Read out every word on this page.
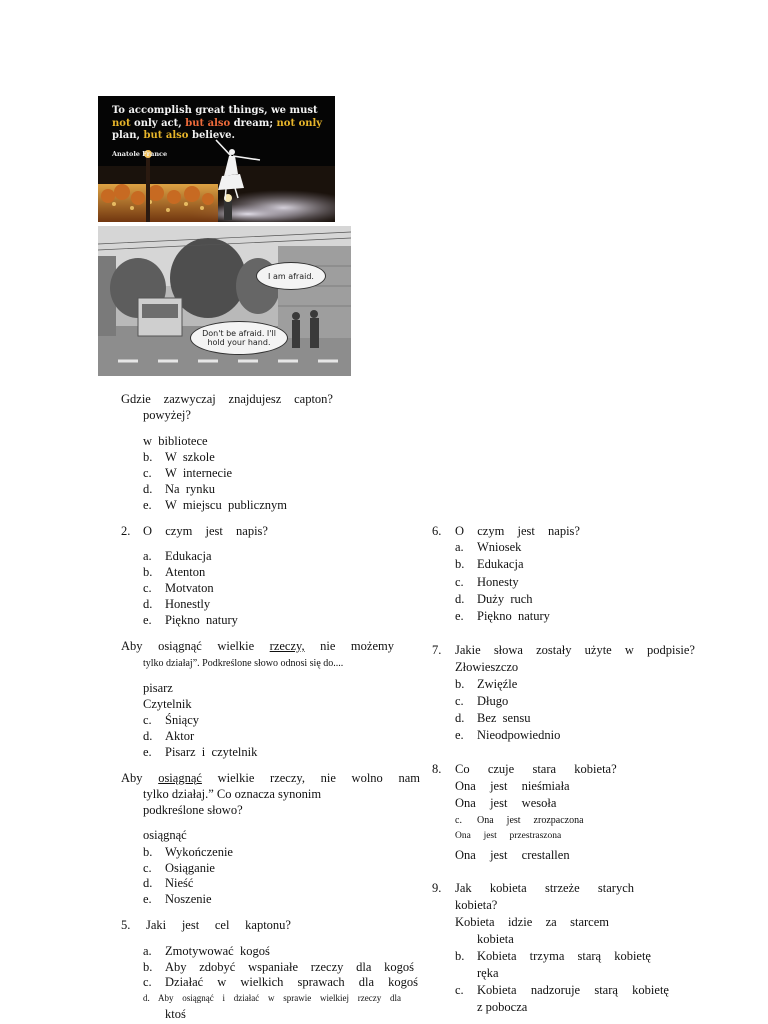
To accomplish great things, we must not only act, but also dream; not only plan, but also believe.
Anatole France
I am afraid.
Don't be afraid. I'll
hold your hand.
Gdzie zazwyczaj znajdujesz capton?
powyżej?
w  bibliotece
b. W  szkole
c. W  internecie
d. Na  rynku
e. W  miejscu  publicznym
2. O czym jest napis?
a. Edukacja
b. Atenton
c. Motvaton
d. Honestly
e. Piękno  natury
Aby osiągnąć wielkie rzeczy, nie możemy
tylko działaj”. Podkreślone słowo odnosi się do....
pisarz
Czytelnik
c. Śniący
d. Aktor
e. Pisarz  i  czytelnik
Aby osiągnąć wielkie rzeczy, nie wolno nam
tylko działaj.” Co oznacza synonim
podkreślone słowo?
osiągnąć
b. Wykończenie
c. Osiąganie
d. Nieść
e. Noszenie
5. Jaki jest cel kaptonu?
a. Zmotywować  kogoś
b. Aby zdobyć wspaniałe rzeczy dla kogoś
c. Działać w wielkich sprawach dla kogoś
d. Aby osiągnąć i działać w sprawie wielkiej rzeczy dla
ktoś
6. O czym jest napis?
a. Wniosek
b. Edukacja
c. Honesty
d. Duży  ruch
e. Piękno  natury
7. Jakie słowa zostały użyte w podpisie?
Złowieszczo
b. Zwięźle
c. Długo
d. Bez  sensu
e. Nieodpowiednio
8. Co  czuje  stara  kobieta?
Ona  jest  nieśmiała
Ona  jest  wesoła
c. Ona  jest  zrozpaczona
Ona  jest  przestraszona
Ona  jest  crestallen
9. Jak  kobieta  strzeże  starych
kobieta?
Kobieta idzie za starcem
kobieta
b. Kobieta trzyma starą kobietę
ręka
c. Kobieta nadzoruje starą kobietę
z pobocza
